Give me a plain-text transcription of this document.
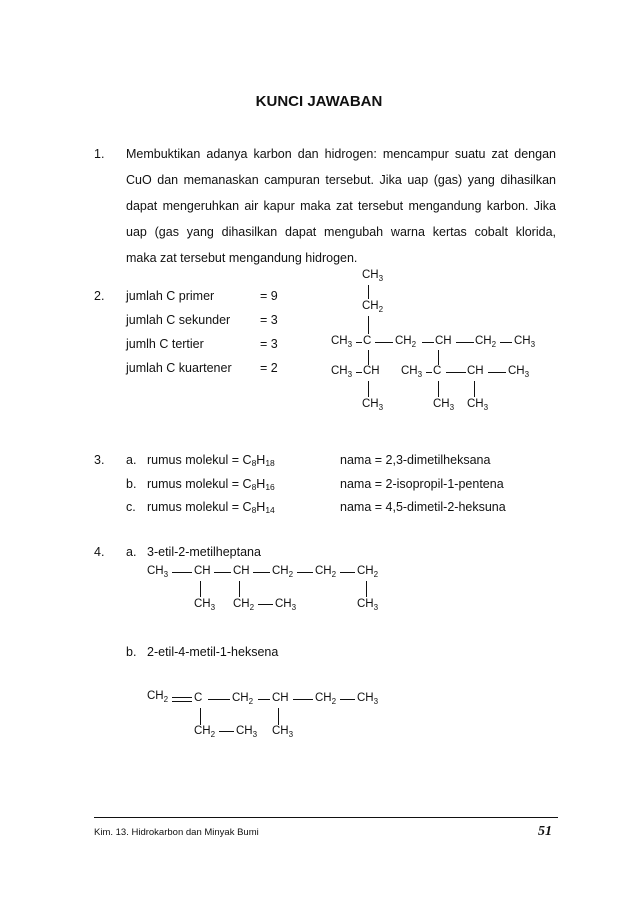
KUNCI JAWABAN
1. Membuktikan adanya karbon dan hidrogen: mencampur suatu zat dengan

CuO dan memanaskan campuran tersebut. Jika uap (gas) yang dihasilkan

dapat mengeruhkan air kapur maka zat tersebut mengandung karbon. Jika

uap (gas yang dihasilkan dapat mengubah warna kertas cobalt klorida,

maka zat tersebut mengandung hidrogen.

2. jumlah C primer	= 9
jumlah C sekunder = 3
jumlh C tertier	= 3
jumlah C kuartener = 2
$CH_3$
$CH_2$
$CH_3$ C $CH_2$ CH $CH_2$ $CH_3$
$CH_3$ CH $CH_3$ C CH $CH_3$
$CH_3$	$CH_3$ $CH_3$
3. a. rumus molekul = $C_8H_{18}$	nama = 2,3-dimetilheksana
b. rumus molekul = $C_8H_{16}$	nama = 2-isopropil-1-pentena
c. rumus molekul = $C_8H_{14}$	nama = 4,5-dimetil-2-heksuna
4. a. 3-etil-2-metilheptana
$CH_3$ CH CH $CH_2$ $CH_2$ $CH_2$
$CH_3$ $CH_2$ $CH_3$	$CH_3$
b. 2-etil-4-metil-1-heksena
$CH_2$ C	$CH_2$ CH $CH_2$ $CH_3$
$CH_2$ $CH_3$ $CH_3$
Kim. 13. Hidrokarbon dan Minyak Bumi	51
